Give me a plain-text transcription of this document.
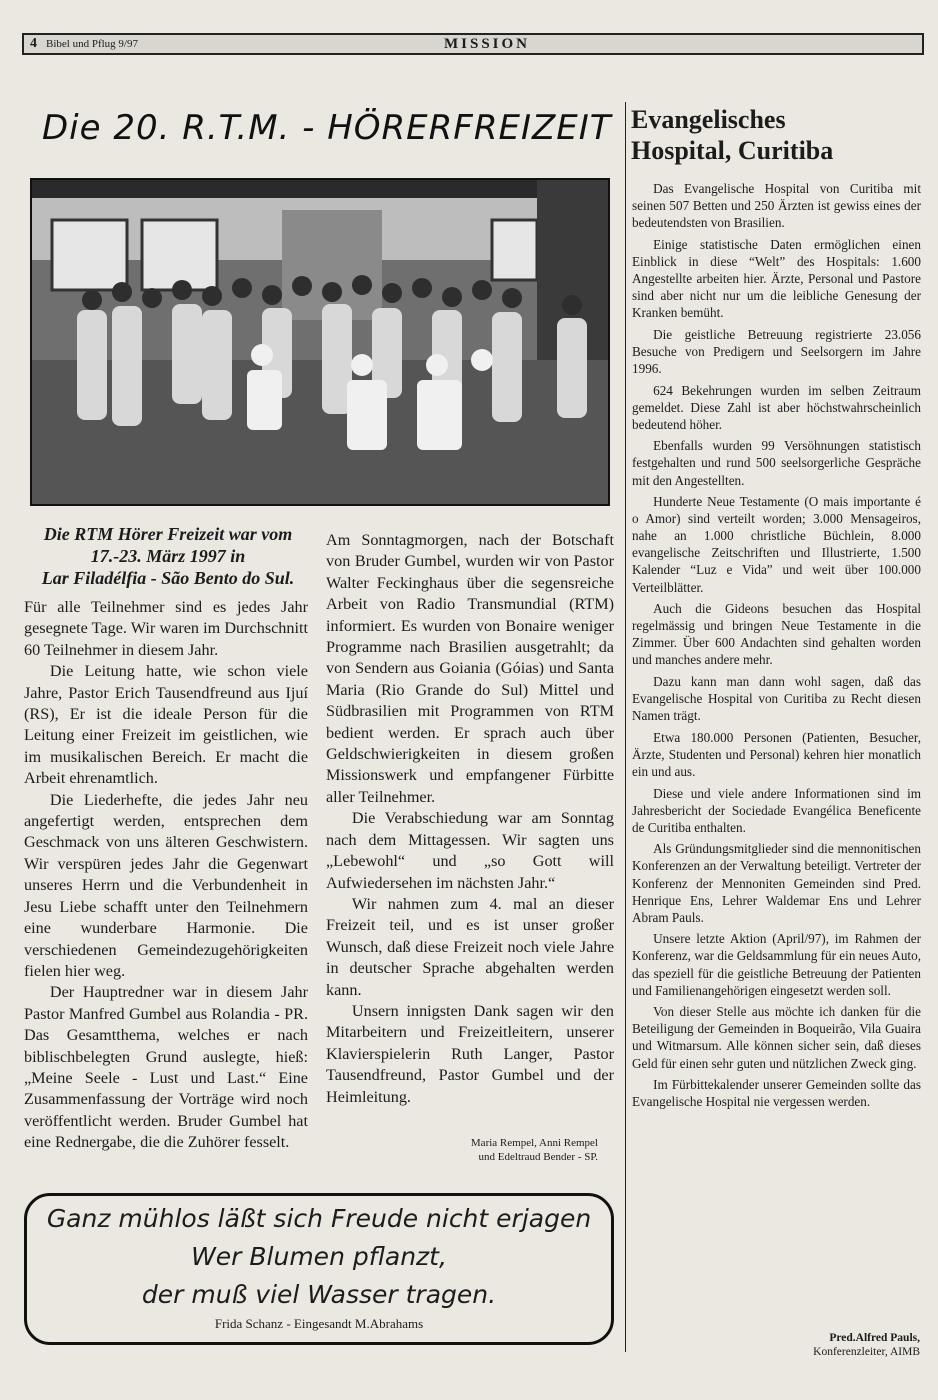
4 Bibel und Pflug 9/97	MISSION
Die 20. R.T.M. - HÖRERFREIZEIT
Die RTM Hörer Freizeit war vom
17.-23. März 1997 in
Lar Filadélfia - São Bento do Sul.

Für alle Teilnehmer sind es jedes Jahr gesegnete Tage. Wir waren im Durchschnitt 60 Teilnehmer in diesem Jahr.

Die Leitung hatte, wie schon viele Jahre, Pastor Erich Tausendfreund aus Ijuí (RS), Er ist die ideale Person für die Leitung einer Freizeit im geistlichen, wie im musikalischen Bereich. Er macht die Arbeit ehrenamtlich.

Die Liederhefte, die jedes Jahr neu angefertigt werden, entsprechen dem Geschmack von uns älteren Geschwistern. Wir verspüren jedes Jahr die Gegenwart unseres Herrn und die Verbundenheit in Jesu Liebe schafft unter den Teilnehmern eine wunderbare Harmonie. Die verschiedenen Gemeindezugehörigkeiten fielen hier weg.

Der Hauptredner war in diesem Jahr Pastor Manfred Gumbel aus Rolandia - PR. Das Gesamtthema, welches er nach biblischbelegten Grund auslegte, hieß: „Meine Seele - Lust und Last.“ Eine Zusammenfassung der Vorträge wird noch veröffentlicht werden. Bruder Gumbel hat eine Rednergabe, die die Zuhörer fesselt.

Am Sonntagmorgen, nach der Botschaft von Bruder Gumbel, wurden wir von Pastor Walter Feckinghaus über die segensreiche Arbeit von Radio Transmundial (RTM) informiert. Es wurden von Bonaire weniger Programme nach Brasilien ausgetrahlt; da von Sendern aus Goiania (Góias) und Santa Maria (Rio Grande do Sul) Mittel und Südbrasilien mit Programmen von RTM bedient werden. Er sprach auch über Geldschwierigkeiten in diesem großen Missionswerk und empfangener Fürbitte aller Teilnehmer.

Die Verabschiedung war am Sonntag nach dem Mittagessen. Wir sagten uns „Lebewohl“ und „so Gott will Aufwiedersehen im nächsten Jahr.“

Wir nahmen zum 4. mal an dieser Freizeit teil, und es ist unser großer Wunsch, daß diese Freizeit noch viele Jahre in deutscher Sprache abgehalten werden kann.

Unsern innigsten Dank sagen wir den Mitarbeitern und Freizeitleitern, unserer Klavierspielerin Ruth Langer, Pastor Tausendfreund, Pastor Gumbel und der Heimleitung.

Maria Rempel, Anni Rempel
und Edeltraud Bender - SP.
Ganz mühlos läßt sich Freude nicht erjagen
Wer Blumen pflanzt,
der muß viel Wasser tragen.
Frida Schanz - Eingesandt M.Abrahams
Evangelisches
Hospital, Curitiba

Das Evangelische Hospital von Curitiba mit seinen 507 Betten und 250 Ärzten ist gewiss eines der bedeutendsten von Brasilien.

Einige statistische Daten ermöglichen einen Einblick in diese “Welt” des Hospitals: 1.600 Angestellte arbeiten hier. Ärzte, Personal und Pastore sind aber nicht nur um die leibliche Genesung der Kranken bemüht.

Die geistliche Betreuung registrierte 23.056 Besuche von Predigern und Seelsorgern im Jahre 1996.

624 Bekehrungen wurden im selben Zeitraum gemeldet. Diese Zahl ist aber höchstwahrscheinlich bedeutend höher.

Ebenfalls wurden 99 Versöhnungen statistisch festgehalten und rund 500 seelsorgerliche Gespräche mit den Angestellten.

Hunderte Neue Testamente (O mais importante é o Amor) sind verteilt worden; 3.000 Mensageiros, nahe an 1.000 christliche Büchlein, 8.000 evangelische Zeitschriften und Illustrierte, 1.500 Kalender “Luz e Vida” und weit über 100.000 Verteilblätter.

Auch die Gideons besuchen das Hospital regelmässig und bringen Neue Testamente in die Zimmer. Über 600 Andachten sind gehalten worden und manches andere mehr.

Dazu kann man dann wohl sagen, daß das Evangelische Hospital von Curitiba zu Recht diesen Namen trägt.

Etwa 180.000 Personen (Patienten, Besucher, Ärzte, Studenten und Personal) kehren hier monatlich ein und aus.

Diese und viele andere Informationen sind im Jahresbericht der Sociedade Evangélica Beneficente de Curitiba enthalten.

Als Gründungsmitglieder sind die mennonitischen Konferenzen an der Verwaltung beteiligt. Vertreter der Konferenz der Mennoniten Gemeinden sind Pred. Henrique Ens, Lehrer Waldemar Ens und Lehrer Abram Pauls.

Unsere letzte Aktion (April/97), im Rahmen der Konferenz, war die Geldsammlung für ein neues Auto, das speziell für die geistliche Betreuung der Patienten und Familienangehörigen eingesetzt werden soll.

Von dieser Stelle aus möchte ich danken für die Beteiligung der Gemeinden in Boqueirão, Vila Guaira und Witmarsum. Alle können sicher sein, daß dieses Geld für einen sehr guten und nützlichen Zweck ging.

Im Fürbittekalender unserer Gemeinden sollte das Evangelische Hospital nie vergessen werden.

Pred.Alfred Pauls,
Konferenzleiter, AIMB
